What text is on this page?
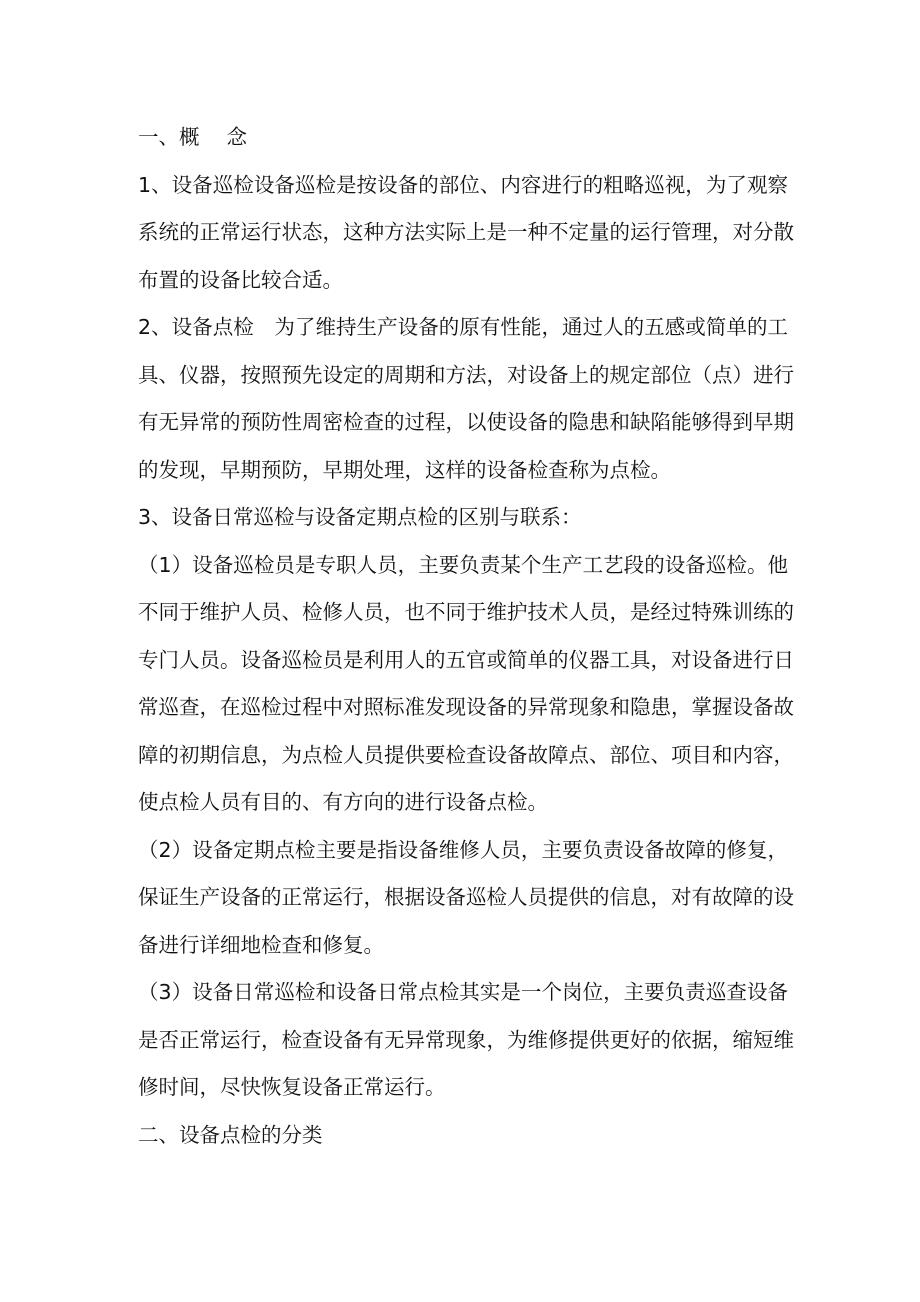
一、概　 念
1、设备巡检设备巡检是按设备的部位、内容进行的粗略巡视，为了观察
系统的正常运行状态，这种方法实际上是一种不定量的运行管理，对分散
布置的设备比较合适。
2、设备点检　为了维持生产设备的原有性能，通过人的五感或简单的工
具、仪器，按照预先设定的周期和方法，对设备上的规定部位（点）进行
有无异常的预防性周密检查的过程，以使设备的隐患和缺陷能够得到早期
的发现，早期预防，早期处理，这样的设备检查称为点检。
3、设备日常巡检与设备定期点检的区别与联系：
（1）设备巡检员是专职人员，主要负责某个生产工艺段的设备巡检。他
不同于维护人员、检修人员，也不同于维护技术人员，是经过特殊训练的
专门人员。设备巡检员是利用人的五官或简单的仪器工具，对设备进行日
常巡查，在巡检过程中对照标准发现设备的异常现象和隐患，掌握设备故
障的初期信息，为点检人员提供要检查设备故障点、部位、项目和内容，
使点检人员有目的、有方向的进行设备点检。
（2）设备定期点检主要是指设备维修人员，主要负责设备故障的修复，
保证生产设备的正常运行，根据设备巡检人员提供的信息，对有故障的设
备进行详细地检查和修复。
（3）设备日常巡检和设备日常点检其实是一个岗位，主要负责巡查设备
是否正常运行，检查设备有无异常现象，为维修提供更好的依据，缩短维
修时间，尽快恢复设备正常运行。
二、设备点检的分类
